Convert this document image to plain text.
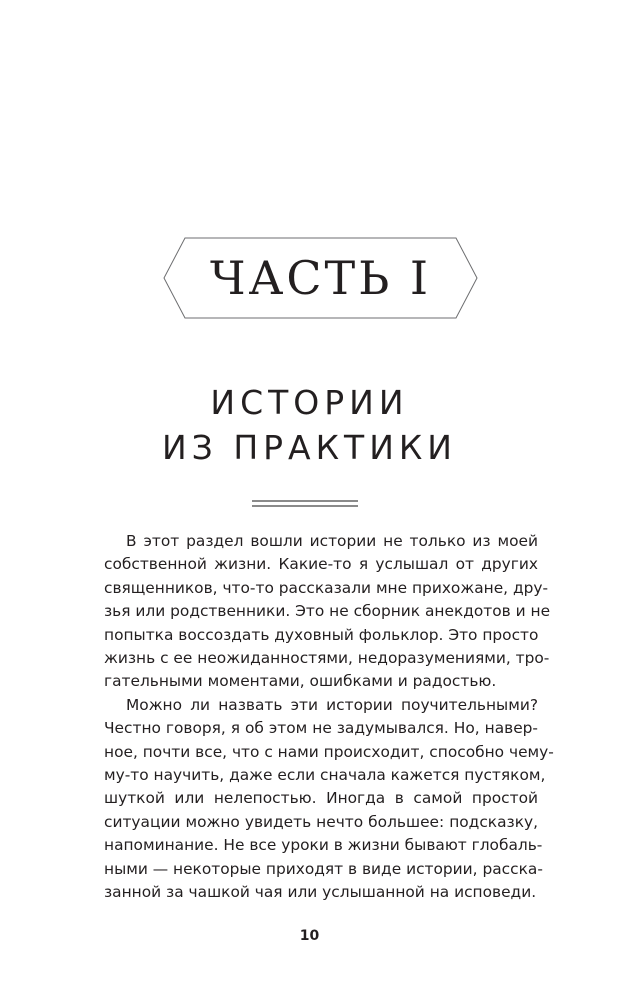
ЧАСТЬ I
ИСТОРИИ
ИЗ ПРАКТИКИ
В этот раздел вошли истории не только из моей
собственной жизни. Какие-то я услышал от других
священников, что-то рассказали мне прихожане, дру-
зья или родственники. Это не сборник анекдотов и не
попытка воссоздать духовный фольклор. Это просто
жизнь с ее неожиданностями, недоразумениями, тро-
гательными моментами, ошибками и радостью.
Можно ли назвать эти истории поучительными?
Честно говоря, я об этом не задумывался. Но, навер-
ное, почти все, что с нами происходит, способно чему-
му-то научить, даже если сначала кажется пустяком,
шуткой или нелепостью. Иногда в самой простой
ситуации можно увидеть нечто большее: подсказку,
напоминание. Не все уроки в жизни бывают глобаль-
ными — некоторые приходят в виде истории, расска-
занной за чашкой чая или услышанной на исповеди.
10
